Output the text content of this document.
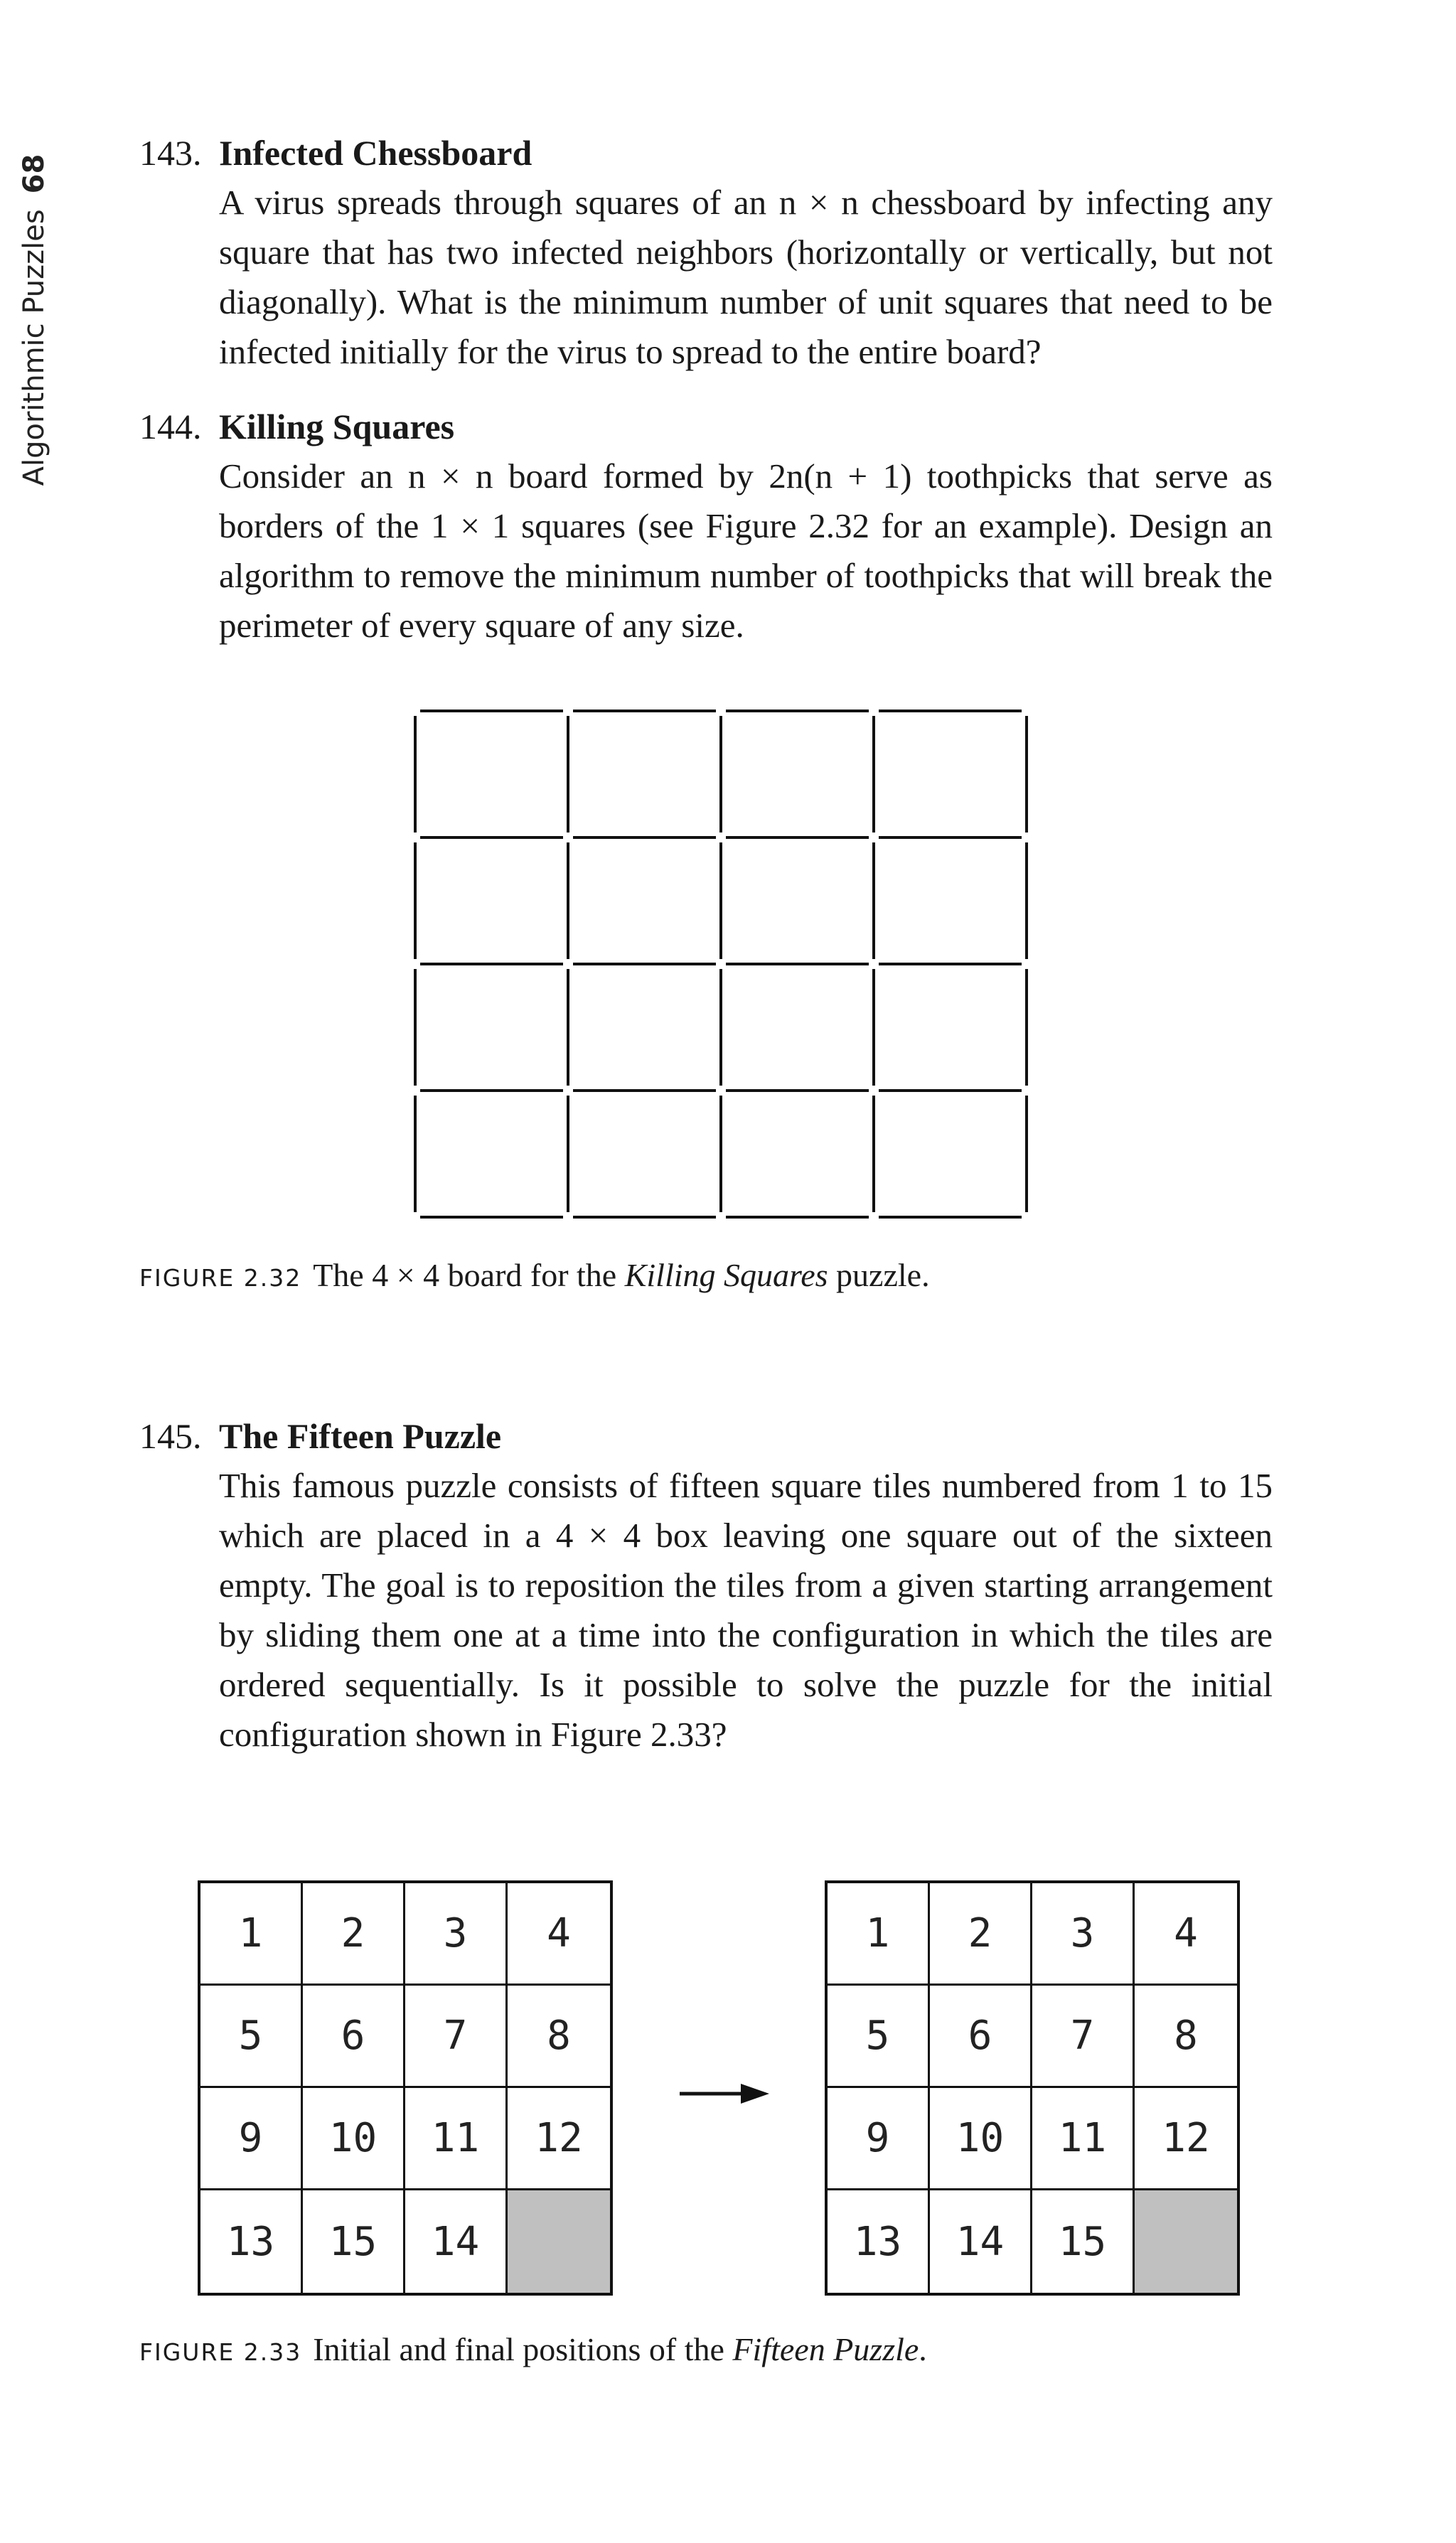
Algorithmic Puzzles68

143. Infected Chessboard

A virus spreads through squares of an n × n chessboard by infecting any square that has two infected neighbors (horizontally or vertically, but not diagonally). What is the minimum number of unit squares that need to be infected initially for the virus to spread to the entire board?

144. Killing Squares

Consider an n × n board formed by 2n(n + 1) toothpicks that serve as borders of the 1 × 1 squares (see Figure 2.32 for an example). Design an algorithm to remove the minimum number of toothpicks that will break the perimeter of every square of any size.

FIGURE 2.32 The 4 × 4 board for the Killing Squares puzzle.

145. The Fifteen Puzzle

This famous puzzle consists of fifteen square tiles numbered from 1 to 15 which are placed in a 4 × 4 box leaving one square out of the sixteen empty. The goal is to reposition the tiles from a given starting arrangement by sliding them one at a time into the configuration in which the tiles are ordered sequentially. Is it possible to solve the puzzle for the initial configuration shown in Figure 2.33?

1	2	3	4
5	6	7	8
9	10	11	12
13	15	14
1	2	3	4
5	6	7	8
9	10	11	12
13	14	15
FIGURE 2.33 Initial and final positions of the Fifteen Puzzle.
